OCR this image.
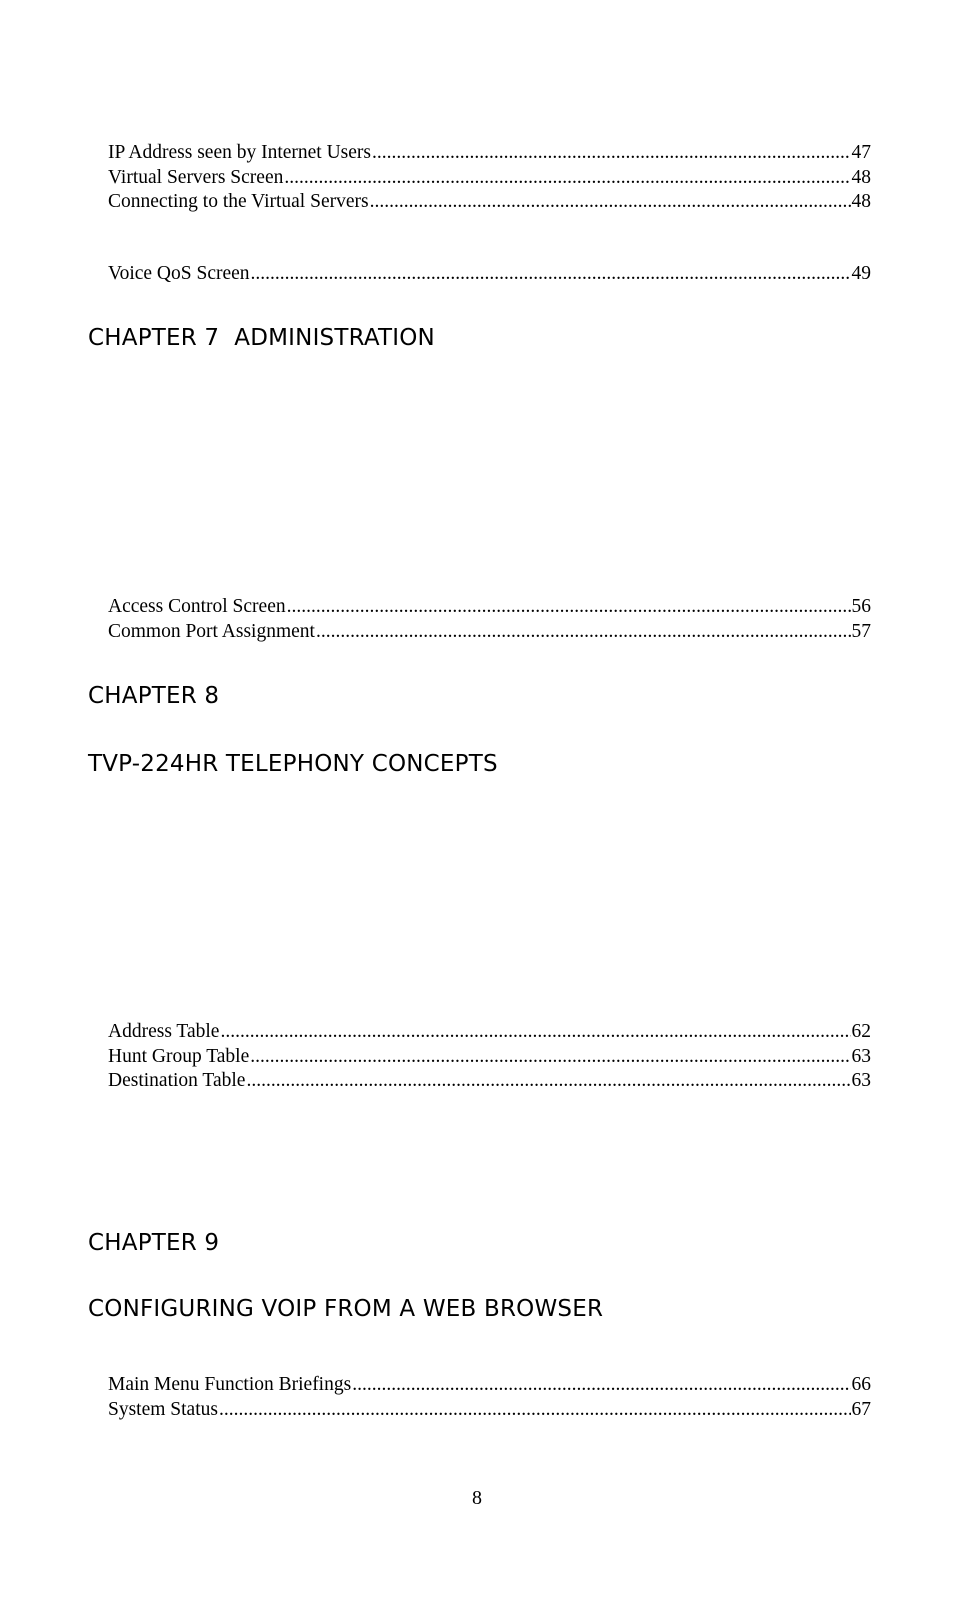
IP Address seen by Internet Users .....	47
Virtual Servers Screen .....	48
Connecting to the Virtual Servers .....	48
Voice QoS Screen .....	49
CHAPTER 7  ADMINISTRATION
Access Control Screen .....	56
Common Port Assignment .....	57
CHAPTER 8
TVP-224HR TELEPHONY CONCEPTS
Address Table .....	62
Hunt Group Table .....	63
Destination Table .....	63
CHAPTER 9
CONFIGURING VOIP FROM A WEB BROWSER
Main Menu Function Briefings .....	66
System Status .....	67
8
